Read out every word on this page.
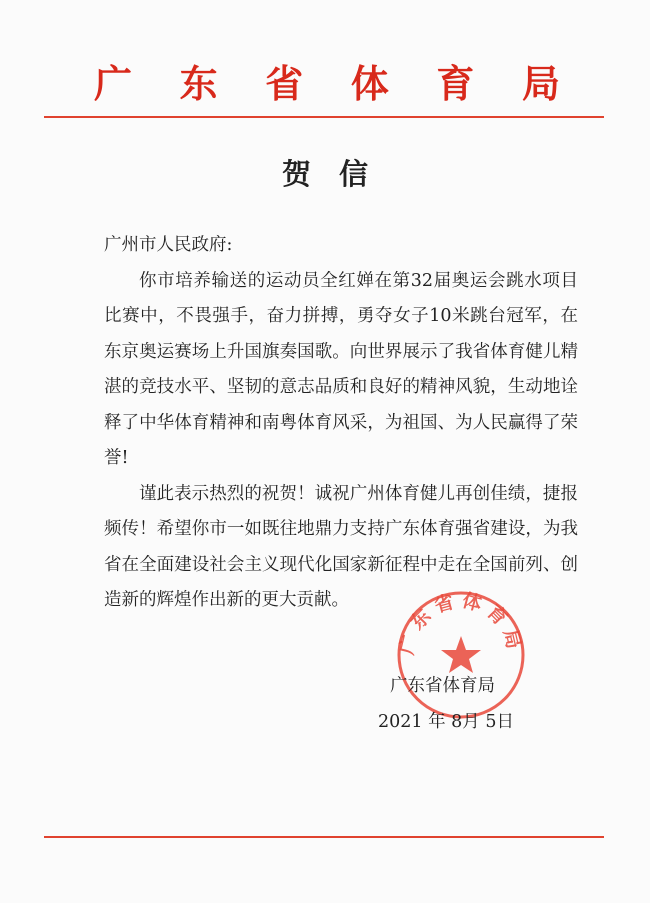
广 东 省 体 育 局
贺信

广州市人民政府:

你市培养输送的运动员全红婵在第32届奥运会跳水项目比赛中，不畏强手，奋力拼搏，勇夺女子10米跳台冠军，在东京奥运赛场上升国旗奏国歌。向世界展示了我省体育健儿精湛的竞技水平、坚韧的意志品质和良好的精神风貌，生动地诠释了中华体育精神和南粤体育风采，为祖国、为人民赢得了荣誉!

谨此表示热烈的祝贺！诚祝广州体育健儿再创佳绩，捷报频传！希望你市一如既往地鼎力支持广东体育强省建设，为我省在全面建设社会主义现代化国家新征程中走在全国前列、创造新的辉煌作出新的更大贡献。

广东省体育局
广东省体育局
2021 年 8月 5日
